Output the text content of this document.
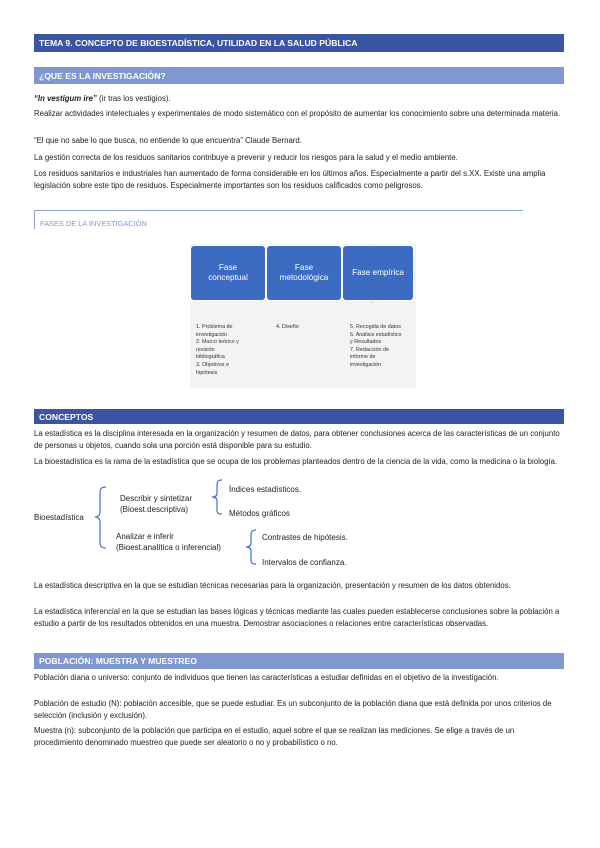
TEMA 9. CONCEPTO DE BIOESTADÍSTICA, UTILIDAD EN LA SALUD PÚBLICA
¿QUE ES LA INVESTIGACIÓN?
“In vestigum ire” (ir tras los vestigios).
Realizar actividades intelectuales y experimentales de modo sistemático con el propósito de aumentar los conocimiento sobre una determinada materia.
“El que no sabe lo que busca, no entiende lo que encuentra” Claude Bernard.
La gestión correcta de los residuos sanitarios contribuye a prevenir y reducir los riesgos para la salud y el medio ambiente.
Los residuos sanitarios e industriales han aumentado de forma considerable en los últimos años. Especialmente a partir del s.XX. Existe una amplia legislación sobre este tipo de residuos. Especialmente importantes son los residuos calificados como peligrosos.
FASES DE LA INVESTIGACIÓN
Fase
conceptual
Fase
metodológica
Fase empírica
1. Problema de
investigación
2. Marco teórico y
revisión
bibliográfica
3. Objetivos e
hipótesis
4. Diseño	5. Recogida de datos
6. Análisis estadístico
y Resultados
7. Redacción de
informe de
investigación
CONCEPTOS
La estadística es la disciplina interesada en la organización y resumen de datos, para obtener conclusiones acerca de las características de un conjunto de personas u objetos, cuando sola una porción está disponible para su estudio.
La bioestadística es la rama de la estadística que se ocupa de los problemas planteados dentro de la ciencia de la vida, como la medicina o la biología.
Bioestadística
Describir y sintetizar
(Bioest.descriptiva)
Índices estadísticos.
Métodos gráficos
Analizar e inferir
(Bioest.analítica o inferencial)
Contrastes de hipótesis.
Intervalos de confianza.
La estadística descriptiva en la que se estudian técnicas necesarias para la organización, presentación y resumen de los datos obtenidos.
La estadística inferencial en la que se estudian las bases lógicas y técnicas mediante las cuales pueden establecerse conclusiones sobre la población a estudio a partir de los resultados obtenidos en una muestra. Demostrar asociaciones o relaciones entre características observadas.
POBLACIÓN: MUESTRA Y MUESTREO
Población diana o universo: conjunto de individuos que tienen las características a estudiar definidas en el objetivo de la investigación.
Población de estudio (N): población accesible, que se puede estudiar. Es un subconjunto de la población diana que está definida por unos criterios de selección (inclusión y exclusión).
Muestra (n): subconjunto de la población que participa en el estudio, aquel sobre el que se realizan las mediciones. Se elige a través de un procedimiento denominado muestreo que puede ser aleatorio o no y probabilístico o no.
